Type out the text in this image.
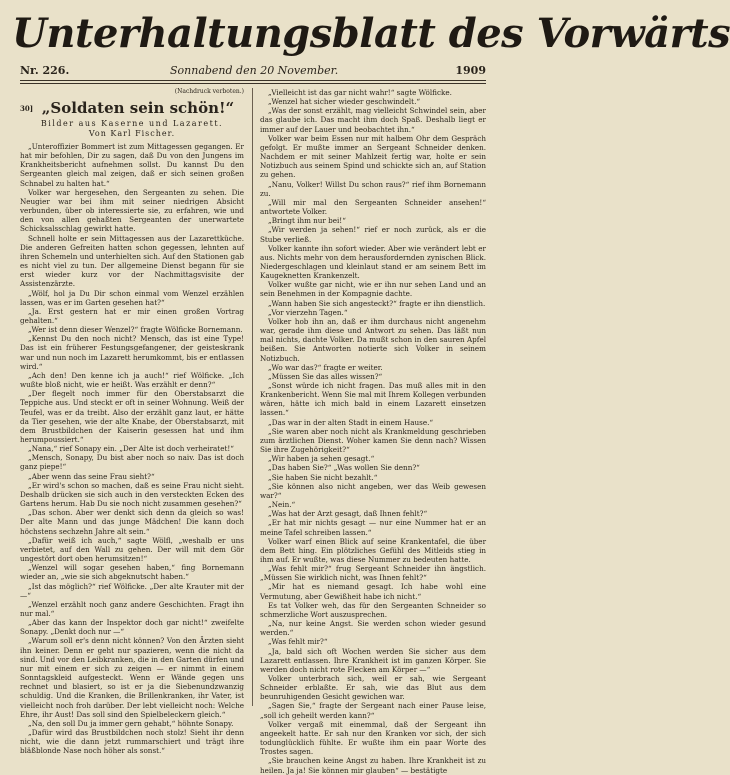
Unterhaltungsblatt des Vorwärts
Nr. 226.	Sonnabend den 20 November.	1909
(Nachdruck verboten.)
30] „Soldaten sein schön!“
Bilder aus Kaserne und Lazarett.
Von Karl Fischer.

„Unteroffizier Bommert ist zum Mittagessen gegangen. Er hat mir befohlen, Dir zu sagen, daß Du von den Jungens im Krankheitsbericht aufnehmen sollst. Du kannst Du den Sergeanten gleich mal zeigen, daß er sich seinen großen Schnabel zu halten hat.“

Volker war hergesehen, den Sergeanten zu sehen. Die Neugier war bei ihm mit seiner niedrigen Absicht verbunden, über ob interessierte sie, zu erfahren, wie und den von allen gehaßten Sergeanten der unerwartete Schicksalsschlag gewirkt hatte.

Schnell holte er sein Mittagessen aus der Lazarettküche. Die anderen Gefreiten hatten schon gegessen, lehnten auf ihren Schemeln und unterhielten sich. Auf den Stationen gab es nicht viel zu tun. Der allgemeine Dienst begann für sie erst wieder kurz vor der Nachmittagsvisite der Assistenzärzte.

„Wölf, hol ja Du Dir schon einmal vom Wenzel erzählen lassen, was er im Garten gesehen hat?“

„Ja. Erst gestern hat er mir einen großen Vortrag gehalten.“

„Wer ist denn dieser Wenzel?“ fragte Wölficke Bornemann.

„Kennst Du den noch nicht? Mensch, das ist eine Type! Das ist ein früherer Festungsgefangener, der geisteskrank war und nun noch im Lazarett herumkommt, bis er entlassen wird.“

„Ach den! Den kenne ich ja auch!“ rief Wölficke. „Ich wußte bloß nicht, wie er heißt. Was erzählt er denn?“

„Der flegelt noch immer für den Oberstabsarzt die Teppiche aus. Und steckt er oft in seiner Wohnung. Weiß der Teufel, was er da treibt. Also der erzählt ganz laut, er hätte da Tier gesehen, wie der alte Knabe, der Oberstabsarzt, mit dem Brustbildchen der Kaiserin gesessen hat und ihm herumpoussiert.“

„Nana,“ rief Sonapy ein. „Der Alte ist doch verheiratet!“

„Mensch, Sonapy, Du bist aber noch so naiv. Das ist doch ganz piepe!“

„Aber wenn das seine Frau sieht?“

„Er wird's schon so machen, daß es seine Frau nicht sieht. Deshalb drücken sie sich auch in den versteckten Ecken des Gartens herum. Hab Du sie noch nicht zusammen gesehen?“

„Das schon. Aber wer denkt sich denn da gleich so was! Der alte Mann und das junge Mädchen! Die kann doch höchstens sechzehn Jahre alt sein.“

„Dafür weiß ich auch,“ sagte Wölfl, „weshalb er uns verbietet, auf den Wall zu gehen. Der will mit dem Gör ungestört dort oben herumsitzen!“

„Wenzel will sogar gesehen haben,“ fing Bornemann wieder an, „wie sie sich abgeknutscht haben.“

„Ist das möglich?“ rief Wölficke. „Der alte Krauter mit der —“

„Wenzel erzählt noch ganz andere Geschichten. Fragt ihn nur mal.“

„Aber das kann der Inspektor doch gar nicht!“ zweifelte Sonapy. „Denkt doch nur —“

„Warum soll er's denn nicht können? Von den Ärzten sieht ihn keiner. Denn er geht nur spazieren, wenn die nicht da sind. Und vor den Leibkranken, die in den Garten dürfen und nur mit einem er sich zu zeigen — er nimmt in einem Sonntagskleid aufgesteckt. Wenn er Wände gegen uns rechnet und blasiert, so ist er ja die Siebenundzwanzig schuldig. Und die Kranken, die Brillenkranken, ihr Vater, ist vielleicht noch froh darüber. Der lebt vielleicht noch: Welche Ehre, ihr Aust! Das soll sind den Spielbeleckern gleich.“

„Na, den soll Du ja immer gern gehabt,“ höhnte Sonapy.

„Dafür wird das Brustbildchen noch stolz! Sieht ihr denn nicht, wie die dann jetzt rummarschiert und trägt ihre bläßblonde Nase noch höher als sonst.“

„Vielleicht ist das gar nicht wahr!“ sagte Wölficke.

„Wenzel hat sicher wieder geschwindelt.“

„Was der sonst erzählt, mag vielleicht Schwindel sein, aber das glaube ich. Das macht ihm doch Spaß. Deshalb liegt er immer auf der Lauer und beobachtet ihn.“

Volker war beim Essen nur mit halbem Ohr dem Gespräch gefolgt. Er mußte immer an Sergeant Schneider denken. Nachdem er mit seiner Mahlzeit fertig war, holte er sein Notizbuch aus seinem Spind und schickte sich an, auf Station zu gehen.

„Nanu, Volker! Willst Du schon raus?“ rief ihm Bornemann zu.

„Will mir mal den Sergeanten Schneider ansehen!“ antwortete Volker.

„Bringt ihm nur bei!“

„Wir werden ja sehen!“ rief er noch zurück, als er die Stube verließ.

Volker kannte ihn sofort wieder. Aber wie verändert lebt er aus. Nichts mehr von dem herausfordernden zynischen Blick. Niedergeschlagen und kleinlaut stand er am seinem Bett im Kaugeknetten Krankenzelt.

Volker wußte gar nicht, wie er ihn nur sehen Land und an sein Benehmen in der Kompagnie dachte.

„Wann haben Sie sich angesteckt?“ fragte er ihn dienstlich.

„Vor vierzehn Tagen.“

Volker hob ihn an, daß er ihm durchaus nicht angenehm war, gerade ihm diese und Antwort zu sehen. Das läßt nun mal nichts, dachte Volker. Da mußt schon in den sauren Apfel beißen. Sie Antworten notierte sich Volker in seinem Notizbuch.

„Wo war das?“ fragte er weiter.

„Müssen Sie das alles wissen?“

„Sonst würde ich nicht fragen. Das muß alles mit in den Krankenbericht. Wenn Sie mal mit Ihrem Kollegen verbunden wären, hätte ich mich bald in einem Lazarett einsetzen lassen.“

„Das war in der alten Stadt in einem Hause.“

„Sie waren aber noch nicht als Krankmeldung geschrieben zum ärztlichen Dienst. Woher kamen Sie denn nach? Wissen Sie ihre Zugehörigkeit?“

„Wir haben ja sehen gesagt.“

„Das haben Sie?“ „Was wollen Sie denn?“

„Sie haben Sie nicht bezahlt.“

„Sie können also nicht angeben, wer das Weib gewesen war?“

„Nein.“

„Was hat der Arzt gesagt, daß Ihnen fehlt?“

„Er hat mir nichts gesagt — nur eine Nummer hat er an meine Tafel schreiben lassen.“

Volker warf einen Blick auf seine Krankentafel, die über dem Bett hing. Ein plötzliches Gefühl des Mitleids stieg in ihm auf. Er wußte, was diese Nummer zu bedeuten hatte.

„Was fehlt mir?“ frug Sergeant Schneider ihn ängstlich. „Müssen Sie wirklich nicht, was Ihnen fehlt?“

„Mir hat es niemand gesagt. Ich habe wohl eine Vermutung, aber Gewißheit habe ich nicht.“

Es tat Volker weh, das für den Sergeanten Schneider so schmerzliche Wort auszusprechen.

„Na, nur keine Angst. Sie werden schon wieder gesund werden.“

„Was fehlt mir?“

„Ja, bald sich oft Wochen werden Sie sicher aus dem Lazarett entlassen. Ihre Krankheit ist im ganzen Körper. Sie werden doch nicht rote Flecken am Körper —“

Volker unterbrach sich, weil er sah, wie Sergeant Schneider erblaßte. Er sah, wie das Blut aus dem beunruhigenden Gesicht gewichen war.

„Sagen Sie,“ fragte der Sergeant nach einer Pause leise, „soll ich geheilt werden kann?“

Volker vergaß mit einemmal, daß der Sergeant ihn angeekelt hatte. Er sah nur den Kranken vor sich, der sich todunglücklich fühlte. Er wußte ihm ein paar Worte des Trostes sagen.

„Sie brauchen keine Angst zu haben. Ihre Krankheit ist zu heilen. Ja ja! Sie können mir glauben“ — bestätigte
